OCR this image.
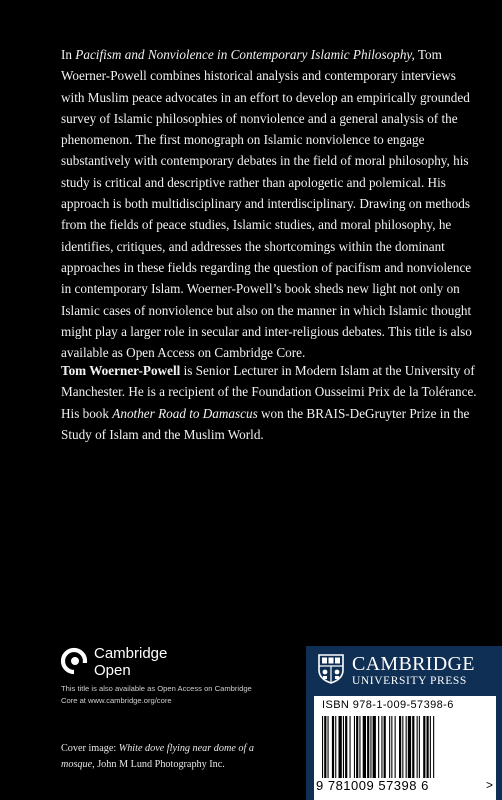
In Pacifism and Nonviolence in Contemporary Islamic Philosophy, Tom Woerner-Powell combines historical analysis and contemporary interviews with Muslim peace advocates in an effort to develop an empirically grounded survey of Islamic philosophies of nonviolence and a general analysis of the phenomenon. The first monograph on Islamic nonviolence to engage substantively with contemporary debates in the field of moral philosophy, his study is critical and descriptive rather than apologetic and polemical. His approach is both multidisciplinary and interdisciplinary. Drawing on methods from the fields of peace studies, Islamic studies, and moral philosophy, he identifies, critiques, and addresses the shortcomings within the dominant approaches in these fields regarding the question of pacifism and nonviolence in contemporary Islam. Woerner-Powell’s book sheds new light not only on Islamic cases of nonviolence but also on the manner in which Islamic thought might play a larger role in secular and inter-religious debates. This title is also available as Open Access on Cambridge Core.

Tom Woerner-Powell is Senior Lecturer in Modern Islam at the University of Manchester. He is a recipient of the Foundation Ousseimi Prix de la Tolérance. His book Another Road to Damascus won the BRAIS-DeGruyter Prize in the Study of Islam and the Muslim World.

Cambridge
Open
This title is also available as Open Access on Cambridge Core at www.cambridge.org/core

Cover image: White dove flying near dome of a mosque, John M Lund Photography Inc.

CAMBRIDGE
UNIVERSITY PRESS
ISBN 978-1-009-57398-6
9 781009 57398 6	>
